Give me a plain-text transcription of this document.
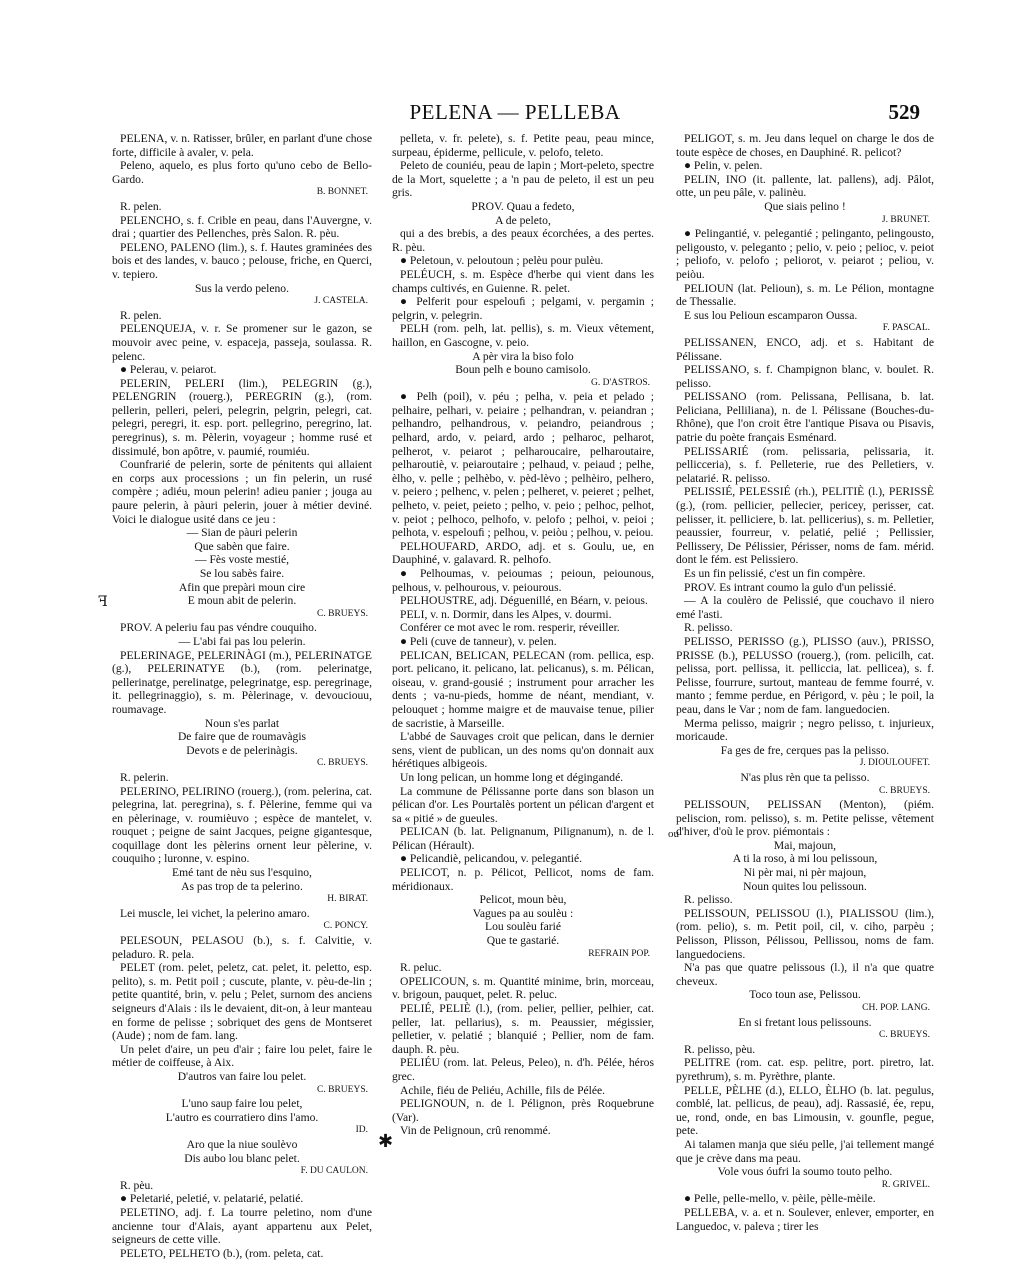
PELENA — PELLEBA	529

PELENA, v. n. Ratisser, brûler, en parlant d'une chose forte, difficile à avaler, v. pela.

Peleno, aquelo, es plus forto qu'uno cebo de Bello-Gardo.

B. BONNET.

R. pelen.

PELENCHO, s. f. Crible en peau, dans l'Auvergne, v. drai ; quartier des Pellenches, près Salon. R. pèu.

PELENO, PALENO (lim.), s. f. Hautes graminées des bois et des landes, v. bauco ; pelouse, friche, en Querci, v. tepiero.

Sus la verdo peleno.

J. CASTELA.

R. pelen.

PELENQUEJA, v. r. Se promener sur le gazon, se mouvoir avec peine, v. espaceja, passeja, soulassa. R. pelenc.

● Pelerau, v. peiarot.

PELERIN, PELERI (lim.), PELEGRIN (g.), PELENGRIN (rouerg.), PEREGRIN (g.), (rom. pellerin, pelleri, peleri, pelegrin, pelgrin, pelegri, cat. pelegri, peregri, it. esp. port. pellegrino, peregrino, lat. peregrinus), s. m. Pèlerin, voyageur ; homme rusé et dissimulé, bon apôtre, v. paumié, roumiéu.

Counfrarié de pelerin, sorte de pénitents qui allaient en corps aux processions ; un fin pelerin, un rusé compère ; adiéu, moun pelerin! adieu panier ; jouga au paure pelerin, à pàuri pelerin, jouer à métier deviné. Voici le dialogue usité dans ce jeu :

— Sian de pàuri pelerin

Que sabèn que faire.

— Fès voste mestié,

Se lou sabès faire.

Afin que prepàri moun cire

E moun abit de pelerin.

C. BRUEYS.

PROV. A peleriu fau pas véndre couquiho.

— L'abi fai pas lou pelerin.

PELERINAGE, PELERINÀGI (m.), PELERINATGE (g.), PELERINATYE (b.), (rom. pelerinatge, pellerinatge, perelinatge, pelegrinatge, esp. peregrinage, it. pellegrinaggio), s. m. Pèlerinage, v. devouciouu, roumavage.

Noun s'es parlat

De faire que de roumavàgis

Devots e de pelerinàgis.

C. BRUEYS.

R. pelerin.

PELERINO, PELIRINO (rouerg.), (rom. pelerina, cat. pelegrina, lat. peregrina), s. f. Pèlerine, femme qui va en pèlerinage, v. roumièuvo ; espèce de mantelet, v. rouquet ; peigne de saint Jacques, peigne gigantesque, coquillage dont les pèlerins ornent leur pèlerine, v. couquiho ; luronne, v. espino.

Emé tant de nèu sus l'esquino,

As pas trop de ta pelerino.

H. BIRAT.

Lei muscle, lei vichet, la pelerino amaro.

C. PONCY.

PELESOUN, PELASOU (b.), s. f. Calvitie, v. peladuro. R. pela.

PELET (rom. pelet, peletz, cat. pelet, it. peletto, esp. pelito), s. m. Petit poil ; cuscute, plante, v. pèu-de-lin ; petite quantité, brin, v. pelu ; Pelet, surnom des anciens seigneurs d'Alais : ils le devaient, dit-on, à leur manteau en forme de pelisse ; sobriquet des gens de Montseret (Aude) ; nom de fam. lang.

Un pelet d'aire, un peu d'air ; faire lou pelet, faire le métier de coiffeuse, à Aix.

D'autros van faire lou pelet.

C. BRUEYS.

L'uno saup faire lou pelet,

L'autro es courratiero dins l'amo.

ID.

Aro que la niue soulèvo

Dis aubo lou blanc pelet.

F. DU CAULON.

R. pèu.

● Peletarié, peletié, v. pelatarié, pelatié.

PELETINO, adj. f. La tourre peletino, nom d'une ancienne tour d'Alais, ayant appartenu aux Pelet, seigneurs de cette ville.

PELETO, PELHETO (b.), (rom. peleta, cat.

pelleta, v. fr. pelete), s. f. Petite peau, peau mince, surpeau, épiderme, pellicule, v. pelofo, teleto.

Peleto de couniéu, peau de lapin ; Mort-peleto, spectre de la Mort, squelette ; a 'n pau de peleto, il est un peu gris.

PROV. Quau a fedeto,

A de peleto,

qui a des brebis, a des peaux écorchées, a des pertes. R. pèu.

● Peletoun, v. peloutoun ; pelèu pour pulèu.

PELÉUCH, s. m. Espèce d'herbe qui vient dans les champs cultivés, en Guienne. R. pelet.

● Pelferit pour espelouﬁ ; pelgami, v. pergamin ; pelgrin, v. pelegrin.

PELH (rom. pelh, lat. pellis), s. m. Vieux vêtement, haillon, en Gascogne, v. peio.

A pèr vira la biso folo

Boun pelh e bouno camisolo.

G. D'ASTROS.

● Pelh (poil), v. péu ; pelha, v. peia et pelado ; pelhaire, pelhari, v. peiaire ; pelhandran, v. peiandran ; pelhandro, pelhandrous, v. peiandro, peiandrous ; pelhard, ardo, v. peiard, ardo ; pelharoc, pelharot, pelherot, v. peiarot ; pelharoucaire, pelharoutaire, pelharoutiè, v. peiaroutaire ; pelhaud, v. peiaud ; pelhe, èlho, v. pelle ; pelhèbo, v. pèd-lèvo ; pelhèiro, pelhero, v. peiero ; pelhenc, v. pelen ; pelheret, v. peieret ; pelhet, pelheto, v. peiet, peieto ; pelho, v. peio ; pelhoc, pelhot, v. peiot ; pelhoco, pelhofo, v. pelofo ; pelhoi, v. peioi ; pelhota, v. espelouﬁ ; pelhou, v. peiòu ; pelhou, v. peiou.

PELHOUFARD, ARDO, adj. et s. Goulu, ue, en Dauphiné, v. galavard. R. pelhofo.

● Pelhoumas, v. peioumas ; peioun, peiounous, pelhous, v. pelhourous, v. peiourous.

PELHOUSTRE, adj. Déguenillé, en Béarn, v. peious.

PELI, v. n. Dormir, dans les Alpes, v. dourmi.

Conférer ce mot avec le rom. resperir, réveiller.

● Peli (cuve de tanneur), v. pelen.

PELICAN, BELICAN, PELECAN (rom. pellica, esp. port. pelicano, it. pelicano, lat. pelicanus), s. m. Pélican, oiseau, v. grand-gousié ; instrument pour arracher les dents ; va-nu-pieds, homme de néant, mendiant, v. pelouquet ; homme maigre et de mauvaise tenue, pilier de sacristie, à Marseille.

L'abbé de Sauvages croit que pelican, dans le dernier sens, vient de publican, un des noms qu'on donnait aux hérétiques albigeois.

Un long pelican, un homme long et dégingandé.

La commune de Pélissanne porte dans son blason un pélican d'or. Les Pourtalès portent un pélican d'argent et sa « pitié » de gueules.

PELICAN (b. lat. Pelignanum, Pilignanum), n. de l. Pélican (Hérault).

● Pelicandiè, pelicandou, v. pelegantié.

PELICOT, n. p. Pélicot, Pellicot, noms de fam. méridionaux.

Pelicot, moun bèu,

Vagues pa au soulèu :

Lou soulèu farié

Que te gastarié.

REFRAIN POP.

R. peluc.

OPELICOUN, s. m. Quantité minime, brin, morceau, v. brigoun, pauquet, pelet. R. peluc.

PELIÉ, PELIÈ (l.), (rom. pelier, pellier, pelhier, cat. peller, lat. pellarius), s. m. Peaussier, mégissier, pelletier, v. pelatié ; blanquié ; Pellier, nom de fam. dauph. R. pèu.

PELIÉU (rom. lat. Peleus, Peleo), n. d'h. Pélée, héros grec.

Achile, fiéu de Peliéu, Achille, fils de Pélée.

PELIGNOUN, n. de l. Pélignon, près Roquebrune (Var).

Vin de Pelignoun, crû renommé.

PELIGOT, s. m. Jeu dans lequel on charge le dos de toute espèce de choses, en Dauphiné. R. pelicot?

● Pelin, v. pelen.

PELIN, INO (it. pallente, lat. pallens), adj. Pâlot, otte, un peu pâle, v. palinèu.

Que siais pelino !

J. BRUNET.

● Pelingantié, v. pelegantié ; pelinganto, pelingousto, peligousto, v. peleganto ; pelio, v. peio ; pelioc, v. peiot ; peliofo, v. pelofo ; peliorot, v. peiarot ; peliou, v. peiòu.

PELIOUN (lat. Pelioun), s. m. Le Pélion, montagne de Thessalie.

E sus lou Pelioun escamparon Oussa.

F. PASCAL.

PELISSANEN, ENCO, adj. et s. Habitant de Pélissane.

PELISSANO, s. f. Champignon blanc, v. boulet. R. pelisso.

PELISSANO (rom. Pelissana, Pellisana, b. lat. Peliciana, Pelliliana), n. de l. Pélissane (Bouches-du-Rhône), que l'on croit être l'antique Pisava ou Pisavis, patrie du poète français Esménard.

PELISSARIÉ (rom. pelissaria, pelissaria, it. pellicceria), s. f. Pelleterie, rue des Pelletiers, v. pelatarié. R. pelisso.

PELISSIÉ, PELESSIÉ (rh.), PELITIÈ (l.), PERISSÈ (g.), (rom. pellicier, pellecier, pericey, perisser, cat. pelisser, it. pelliciere, b. lat. pellicerius), s. m. Pelletier, peaussier, fourreur, v. pelatié, pelié ; Pellissier, Pellissery, De Pélissier, Périsser, noms de fam. mérid. dont le fém. est Pelissiero.

Es un fin pelissié, c'est un fin compère.

PROV. Es intrant coumo la gulo d'un pelissié.

— A la coulèro de Pelissié, que couchavo il niero emé l'asti.

R. pelisso.

PELISSO, PERISSO (g.), PLISSO (auv.), PRISSO, PRISSE (b.), PELUSSO (rouerg.), (rom. pelicilh, cat. pelissa, port. pellissa, it. pelliccia, lat. pellicea), s. f. Pelisse, fourrure, surtout, manteau de femme fourré, v. manto ; femme perdue, en Périgord, v. pèu ; le poil, la peau, dans le Var ; nom de fam. languedocien.

Merma pelisso, maigrir ; negro pelisso, t. injurieux, moricaude.

Fa ges de fre, cerques pas la pelisso.

J. DIOULOUFET.

N'as plus rèn que ta pelisso.

C. BRUEYS.

PELISSOUN, PELISSAN (Menton), (piém. peliscion, rom. pelisso), s. m. Petite pelisse, vêtement d'hiver, d'où le prov. piémontais :

Mai, majoun,

A ti la roso, à mi lou pelissoun,

Ni pèr mai, ni pèr majoun,

Noun quites lou pelissoun.

R. pelisso.

PELISSOUN, PELISSOU (l.), PIALISSOU (lim.), (rom. pelio), s. m. Petit poil, cil, v. ciho, parpèu ; Pelisson, Plisson, Pélissou, Pellissou, noms de fam. languedociens.

N'a pas que quatre pelissous (l.), il n'a que quatre cheveux.

Toco toun ase, Pelissou.

CH. POP. LANG.

En si fretant lous pelissouns.

C. BRUEYS.

R. pelisso, pèu.

PELITRE (rom. cat. esp. pelitre, port. piretro, lat. pyrethrum), s. m. Pyrèthre, plante.

PELLE, PÈLHE (d.), ELLO, ÈLHO (b. lat. pegulus, comblé, lat. pellicus, de peau), adj. Rassasié, ée, repu, ue, rond, onde, en bas Limousin, v. gounfle, pegue, pete.

Ai talamen manja que siéu pelle, j'ai tellement mangé que je crève dans ma peau.

Vole vous óufri la soumo touto pelho.

R. GRIVEL.

● Pelle, pelle-mello, v. pèile, pèlle-mèile.

PELLEBA, v. a. et n. Soulever, enlever, emporter, en Languedoc, v. paleva ; tirer les

ꟻ
✱
ou
